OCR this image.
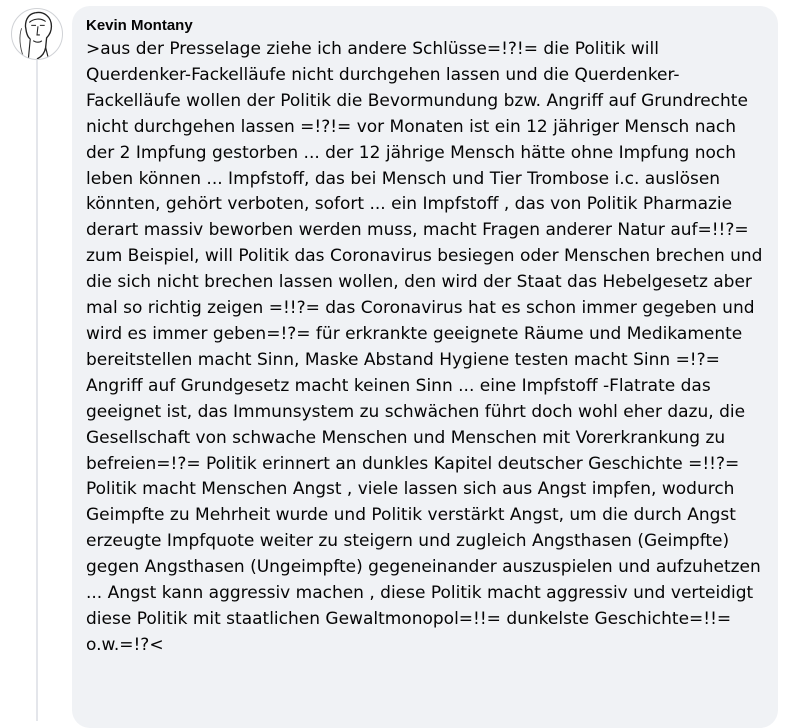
Kevin Montany

>aus der Presselage ziehe ich andere Schlüsse=!?!= die Politik will Querdenker-Fackelläufe nicht durchgehen lassen und die Querdenker-Fackelläufe wollen der Politik die Bevormundung bzw. Angriff auf Grundrechte nicht durchgehen lassen =!?!= vor Monaten ist ein 12 jähriger Mensch nach der 2 Impfung gestorben ... der 12 jährige Mensch hätte ohne Impfung noch leben können ... Impfstoff, das bei Mensch und Tier Trombose i.c. auslösen könnten, gehört verboten, sofort ... ein Impfstoff , das von Politik Pharmazie derart massiv beworben werden muss, macht Fragen anderer Natur auf=!!?= zum Beispiel, will Politik das Coronavirus besiegen oder Menschen brechen und die sich nicht brechen lassen wollen, den wird der Staat das Hebelgesetz aber mal so richtig zeigen =!!?= das Coronavirus hat es schon immer gegeben und wird es immer geben=!?= für erkrankte geeignete Räume und Medikamente bereitstellen macht Sinn, Maske Abstand Hygiene testen macht Sinn =!?= Angriff auf Grundgesetz macht keinen Sinn ... eine Impfstoff -Flatrate das geeignet ist, das Immunsystem zu schwächen führt doch wohl eher dazu, die Gesellschaft von schwache Menschen und Menschen mit Vorerkrankung zu befreien=!?= Politik erinnert an dunkles Kapitel deutscher Geschichte =!!?= Politik macht Menschen Angst , viele lassen sich aus Angst impfen, wodurch Geimpfte zu Mehrheit wurde und Politik verstärkt Angst, um die durch Angst erzeugte Impfquote weiter zu steigern und zugleich Angsthasen (Geimpfte) gegen Angsthasen (Ungeimpfte) gegeneinander auszuspielen und aufzuhetzen ... Angst kann aggressiv machen , diese Politik macht aggressiv und verteidigt diese Politik mit staatlichen Gewaltmonopol=!!= dunkelste Geschichte=!!= o.w.=!?<
